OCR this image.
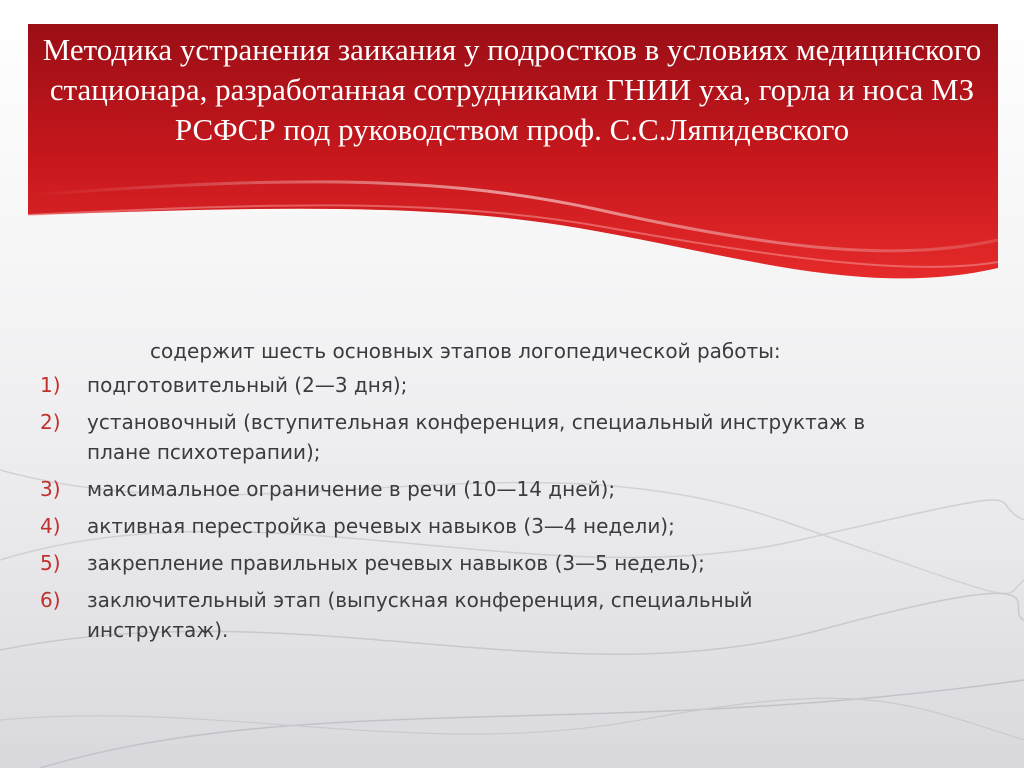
Методика устранения заикания у подростков в условиях медицинского стационара, разработанная сотрудниками ГНИИ уха, горла и носа МЗ РСФСР под руководством проф. С.С.Ляпидевского

содержит шесть основных этапов логопедической работы:

1)	подготовительный (2—3 дня);
2)	установочный (вступительная конференция, специальный инструктаж в плане психотерапии);
3)	максимальное ограничение в речи (10—14 дней);
4)	активная перестройка речевых навыков (3—4 недели);
5)	закрепление правильных речевых навыков (3—5 недель);
6)	заключительный этап (выпускная конференция, специальный инструктаж).
